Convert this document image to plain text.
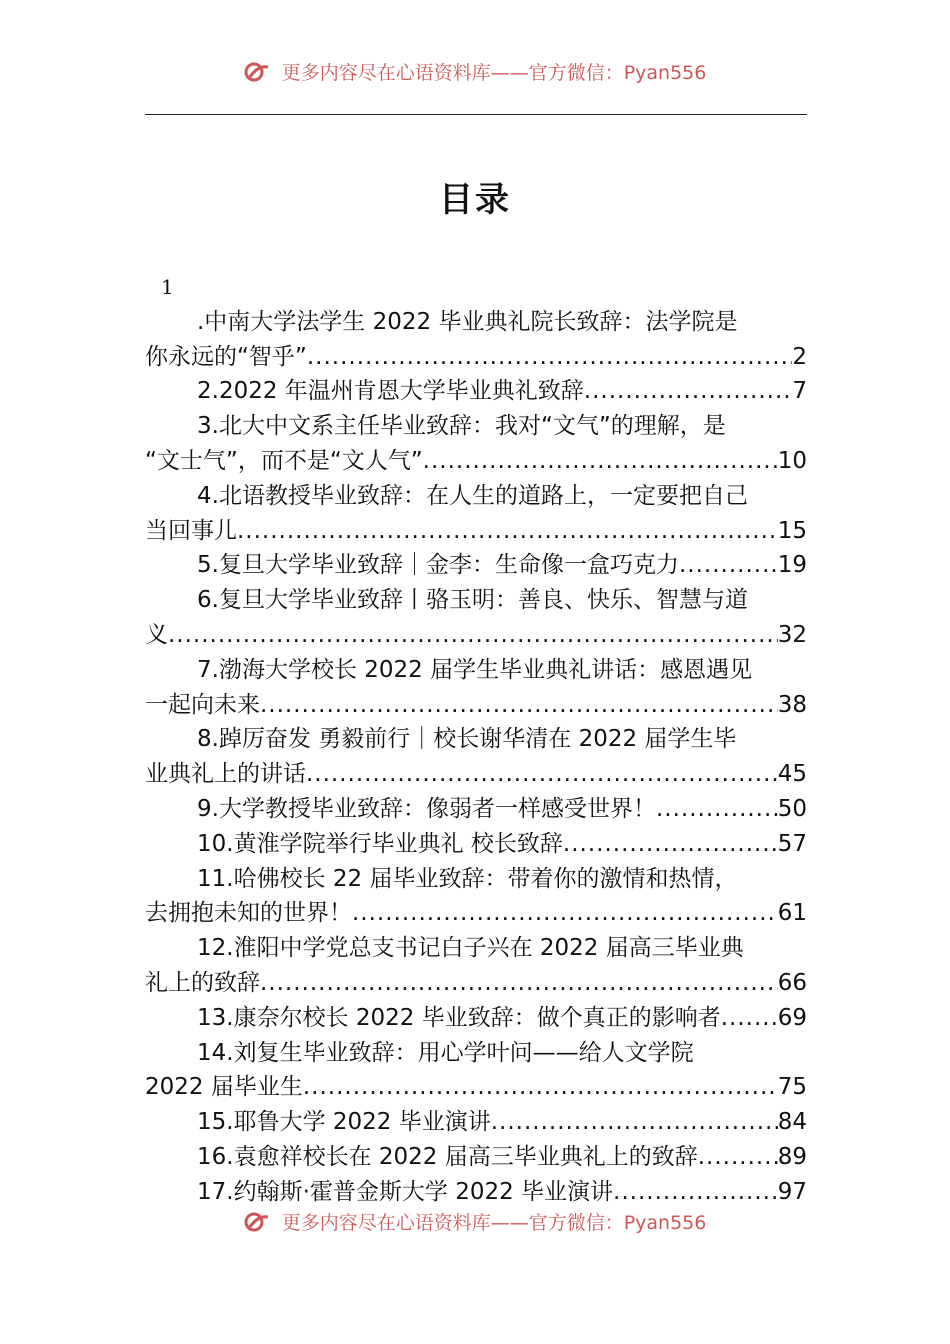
更多内容尽在心语资料库——官方微信：Pyan556
目录
1
.中南大学法学生 2022 毕业典礼院长致辞：法学院是
你永远的“智乎” .....	2
2.2022 年温州肯恩大学毕业典礼致辞 .....	7
3.北大中文系主任毕业致辞：我对“文气”的理解，是
“文士气”，而不是“文人气” .....	10
4.北语教授毕业致辞：在人生的道路上，一定要把自己
当回事儿 .....	15
5.复旦大学毕业致辞｜金李：生命像一盒巧克力 .....	19
6.复旦大学毕业致辞丨骆玉明：善良、快乐、智慧与道
义 .....	32
7.渤海大学校长 2022 届学生毕业典礼讲话：感恩遇见
一起向未来 .....	38
8.踔厉奋发 勇毅前行｜校长谢华清在 2022 届学生毕
业典礼上的讲话 .....	45
9.大学教授毕业致辞：像弱者一样感受世界！ .....	50
10.黄淮学院举行毕业典礼 校长致辞 .....	57
11.哈佛校长 22 届毕业致辞：带着你的激情和热情，
去拥抱未知的世界！ .....	61
12.淮阳中学党总支书记白子兴在 2022 届高三毕业典
礼上的致辞 .....	66
13.康奈尔校长 2022 毕业致辞：做个真正的影响者 ..... 69
14.刘复生毕业致辞：用心学叶问——给人文学院
2022 届毕业生 .....	75
15.耶鲁大学 2022 毕业演讲 .....	84
16.袁愈祥校长在 2022 届高三毕业典礼上的致辞 .....	89
17.约翰斯·霍普金斯大学 2022 毕业演讲 .....	97
更多内容尽在心语资料库——官方微信：Pyan556
